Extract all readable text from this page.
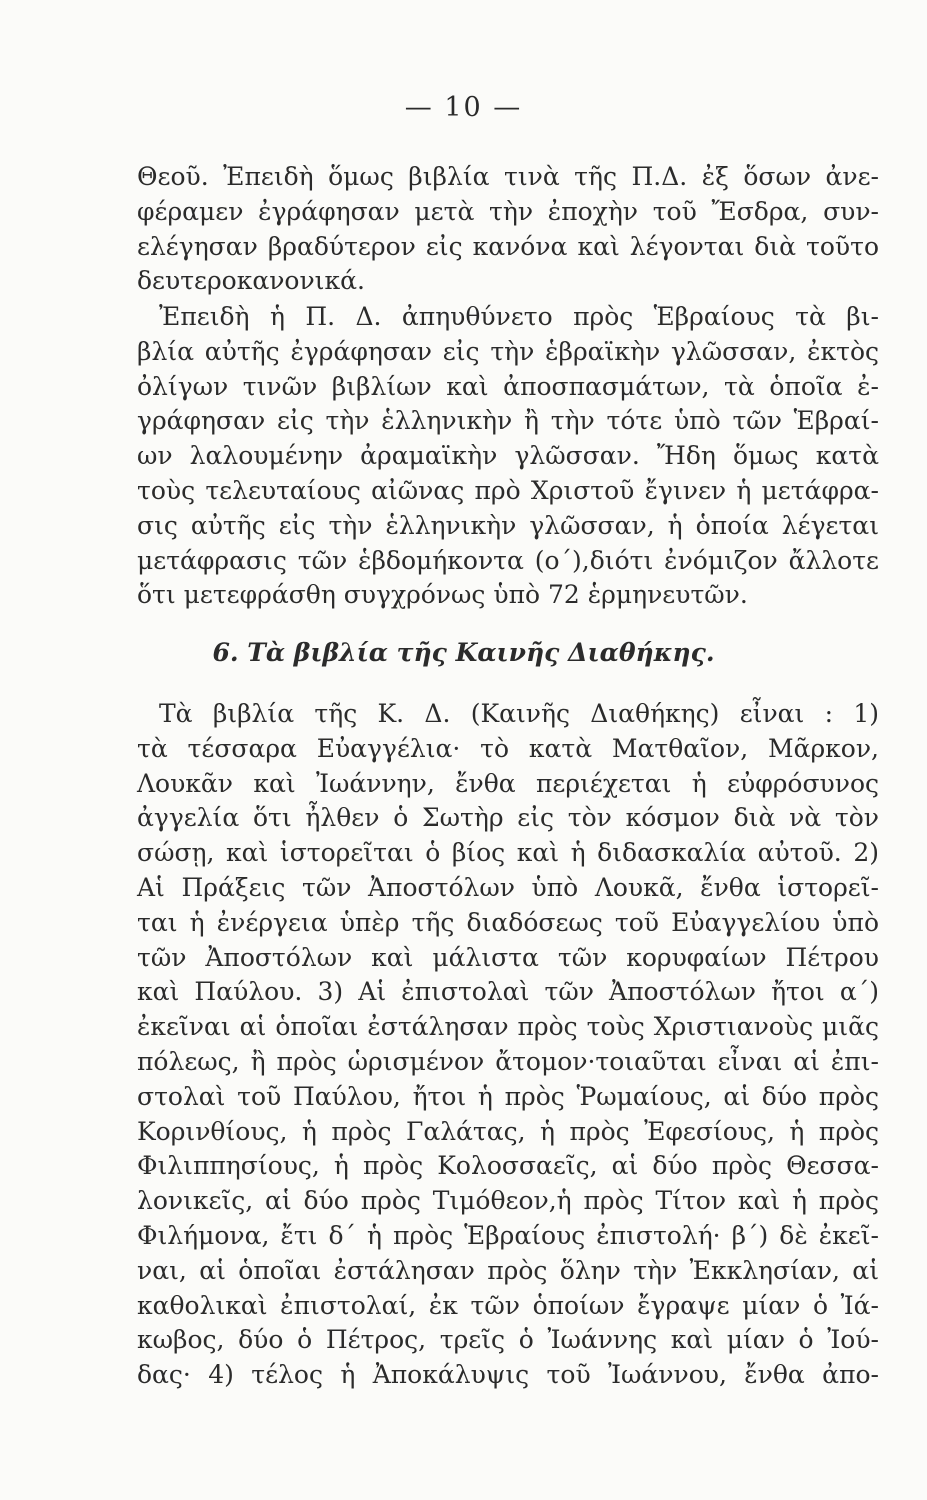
— 10 —
Θεοῦ. Ἐπειδὴ ὅμως βιβλία τινὰ τῆς Π.Δ. ἐξ ὅσων ἀνε-
φέραμεν ἐγράφησαν μετὰ τὴν ἐποχὴν τοῦ Ἔσδρα, συν-
ελέγησαν βραδύτερον εἰς κανόνα καὶ λέγονται διὰ τοῦτο
δευτεροκανονικά.
Ἐπειδὴ ἡ Π. Δ. ἀπηυθύνετο πρὸς Ἑβραίους τὰ βι-
βλία αὐτῆς ἐγράφησαν εἰς τὴν ἑβραϊκὴν γλῶσσαν, ἐκτὸς
ὀλίγων τινῶν βιβλίων καὶ ἀποσπασμάτων, τὰ ὁποῖα ἐ-
γράφησαν εἰς τὴν ἑλληνικὴν ἢ τὴν τότε ὑπὸ τῶν Ἑβραί-
ων λαλουμένην ἀραμαϊκὴν γλῶσσαν. Ἤδη ὅμως κατὰ
τοὺς τελευταίους αἰῶνας πρὸ Χριστοῦ ἔγινεν ἡ μετάφρα-
σις αὐτῆς εἰς τὴν ἑλληνικὴν γλῶσσαν, ἡ ὁποία λέγεται
μετάφρασις τῶν ἑβδομήκοντα (ο΄),διότι ἐνόμιζον ἄλλοτε
ὅτι μετεφράσθη συγχρόνως ὑπὸ 72 ἑρμηνευτῶν.
6. Τὰ βιβλία τῆς Καινῆς Διαθήκης.
Τὰ βιβλία τῆς Κ. Δ. (Καινῆς Διαθήκης) εἶναι : 1)
τὰ τέσσαρα Εὐαγγέλια· τὸ κατὰ Ματθαῖον, Μᾶρκον,
Λουκᾶν καὶ Ἰωάννην, ἔνθα περιέχεται ἡ εὐφρόσυνος
ἀγγελία ὅτι ἦλθεν ὁ Σωτὴρ εἰς τὸν κόσμον διὰ νὰ τὸν
σώσῃ, καὶ ἱστορεῖται ὁ βίος καὶ ἡ διδασκαλία αὐτοῦ. 2)
Αἱ Πράξεις τῶν Ἀποστόλων ὑπὸ Λουκᾶ, ἔνθα ἱστορεῖ-
ται ἡ ἐνέργεια ὑπὲρ τῆς διαδόσεως τοῦ Εὐαγγελίου ὑπὸ
τῶν Ἀποστόλων καὶ μάλιστα τῶν κορυφαίων Πέτρου
καὶ Παύλου. 3) Αἱ ἐπιστολαὶ τῶν Ἀποστόλων ἤτοι α΄)
ἐκεῖναι αἱ ὁποῖαι ἐστάλησαν πρὸς τοὺς Χριστιανοὺς μιᾶς
πόλεως, ἢ πρὸς ὡρισμένον ἄτομον·τοιαῦται εἶναι αἱ ἐπι-
στολαὶ τοῦ Παύλου, ἤτοι ἡ πρὸς Ῥωμαίους, αἱ δύο πρὸς
Κορινθίους, ἡ πρὸς Γαλάτας, ἡ πρὸς Ἐφεσίους, ἡ πρὸς
Φιλιππησίους, ἡ πρὸς Κολοσσαεῖς, αἱ δύο πρὸς Θεσσα-
λονικεῖς, αἱ δύο πρὸς Τιμόθεον,ἡ πρὸς Τίτον καὶ ἡ πρὸς
Φιλήμονα, ἔτι δ΄ ἡ πρὸς Ἑβραίους ἐπιστολή· β΄) δὲ ἐκεῖ-
ναι, αἱ ὁποῖαι ἐστάλησαν πρὸς ὅλην τὴν Ἐκκλησίαν, αἱ
καθολικαὶ ἐπιστολαί, ἐκ τῶν ὁποίων ἔγραψε μίαν ὁ Ἰά-
κωβος, δύο ὁ Πέτρος, τρεῖς ὁ Ἰωάννης καὶ μίαν ὁ Ἰού-
δας· 4) τέλος ἡ Ἀποκάλυψις τοῦ Ἰωάννου, ἔνθα ἀπο-
